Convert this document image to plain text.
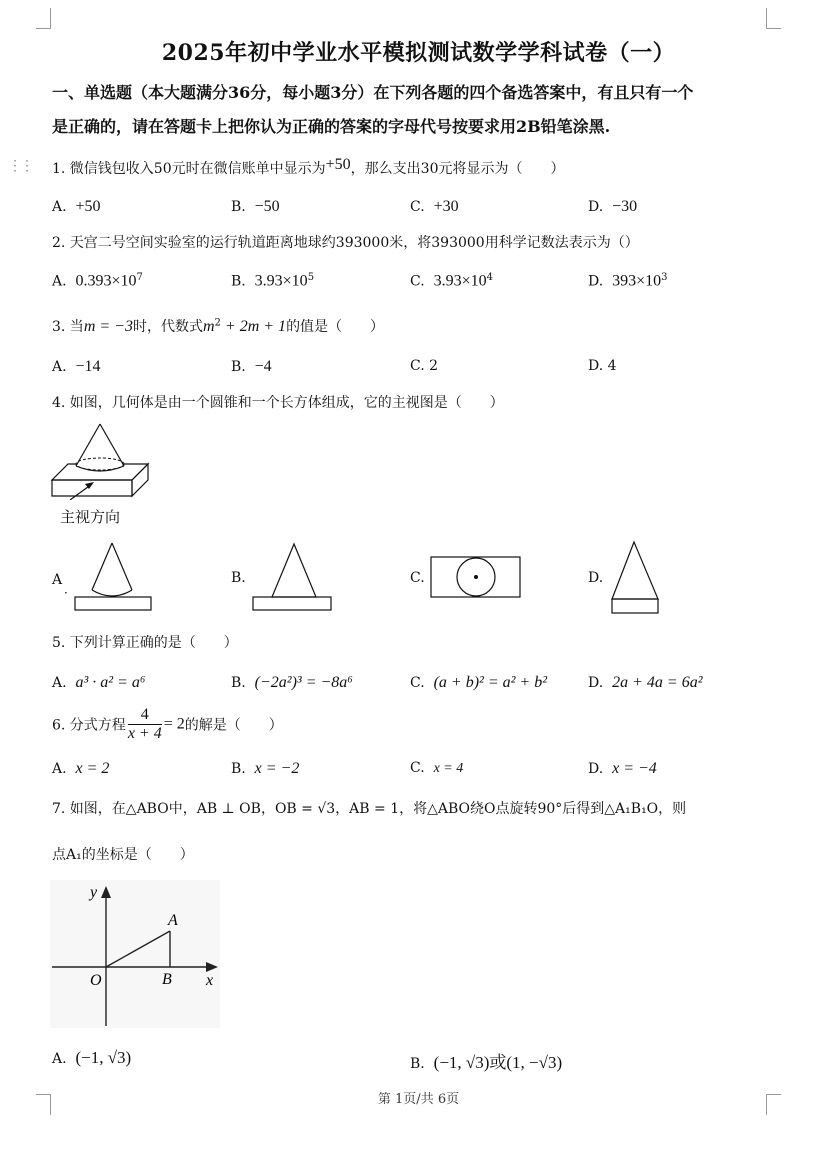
⋮⋮
2025年初中学业水平模拟测试数学学科试卷（一）
一、单选题（本大题满分36分，每小题3分）在下列各题的四个备选答案中，有且只有一个
是正确的，请在答题卡上把你认为正确的答案的字母代号按要求用2B铅笔涂黑.
1. 微信钱包收入50元时在微信账单中显示为+50，那么支出30元将显示为（　　）
A. +50	B. −50	C. +30	D. −30
2. 天宫二号空间实验室的运行轨道距离地球约393000米，将393000用科学记数法表示为（）
A. $0.393\times 10^7$	B. $3.93\times 10^5$	C. $3.93\times 10^4$	D. $393\times 10^3$
3. 当m = −3时，代数式$m^2 + 2m + 1$的值是（　　）
A. −14	B. −4	C. 2	D. 4
4. 如图，几何体是由一个圆锥和一个长方体组成，它的主视图是（　　）
主视方向
A
·
B.	C.	D.
5. 下列计算正确的是（　　）
A. a³ · a² = a⁶	B. (−2a²)³ = −8a⁶	C. (a + b)² = a² + b²	D. 2a + 4a = 6a²
6. 分式方程 $\frac{4}{x + 4} = 2$的解是（　　）
A. x = 2	B. x = −2	C. x = 4	D. x = −4
7. 如图，在△ABO中，AB ⊥ OB，OB = √3，AB = 1，将△ABO绕O点旋转90°后得到△A₁B₁O，则
点A₁的坐标是（　　）
y
x
O
A
B
A. (−1, √3)	B. (−1, √3)或(1, −√3)
第 1页/共 6页
